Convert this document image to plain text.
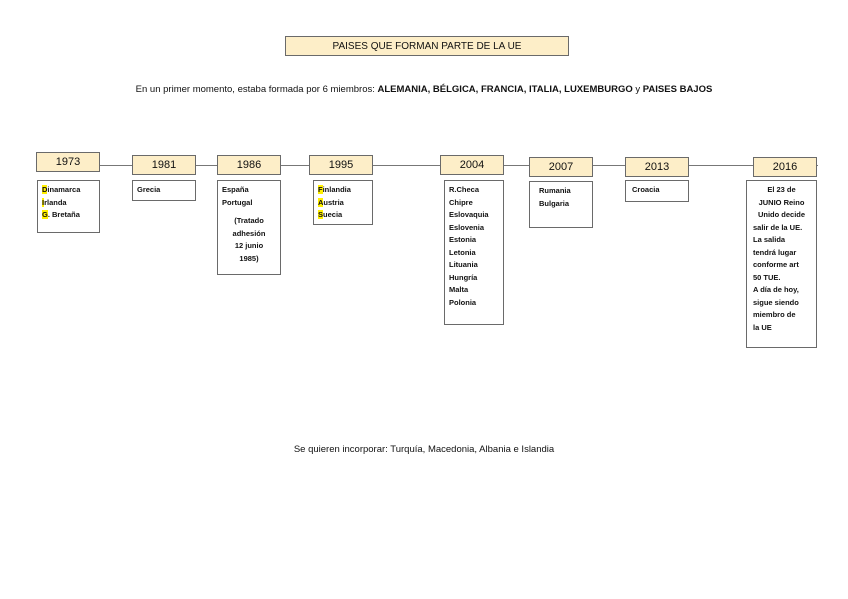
PAISES QUE FORMAN PARTE DE LA UE
En un primer momento, estaba formada por 6 miembros: ALEMANIA, BÉLGICA, FRANCIA, ITALIA, LUXEMBURGO y PAISES BAJOS
1973
Dinamarca
Irlanda
G. Bretaña
1981
Grecia
1986
España
Portugal
(Tratado
adhesión
12 junio
1985)
1995
Finlandia
Austria
Suecia
2004
R.Checa
Chipre
Eslovaquia
Eslovenia
Estonia
Letonia
Lituania
Hungría
Malta
Polonia
2007
Rumania
Bulgaria
2013
Croacia
2016
El 23 de
JUNIO Reino
Unido decide
salir de la UE.
La salida
tendrá lugar
conforme art
50 TUE.
A día de hoy,
sigue siendo
miembro de
la UE
Se quieren incorporar: Turquía, Macedonia, Albania e Islandia
